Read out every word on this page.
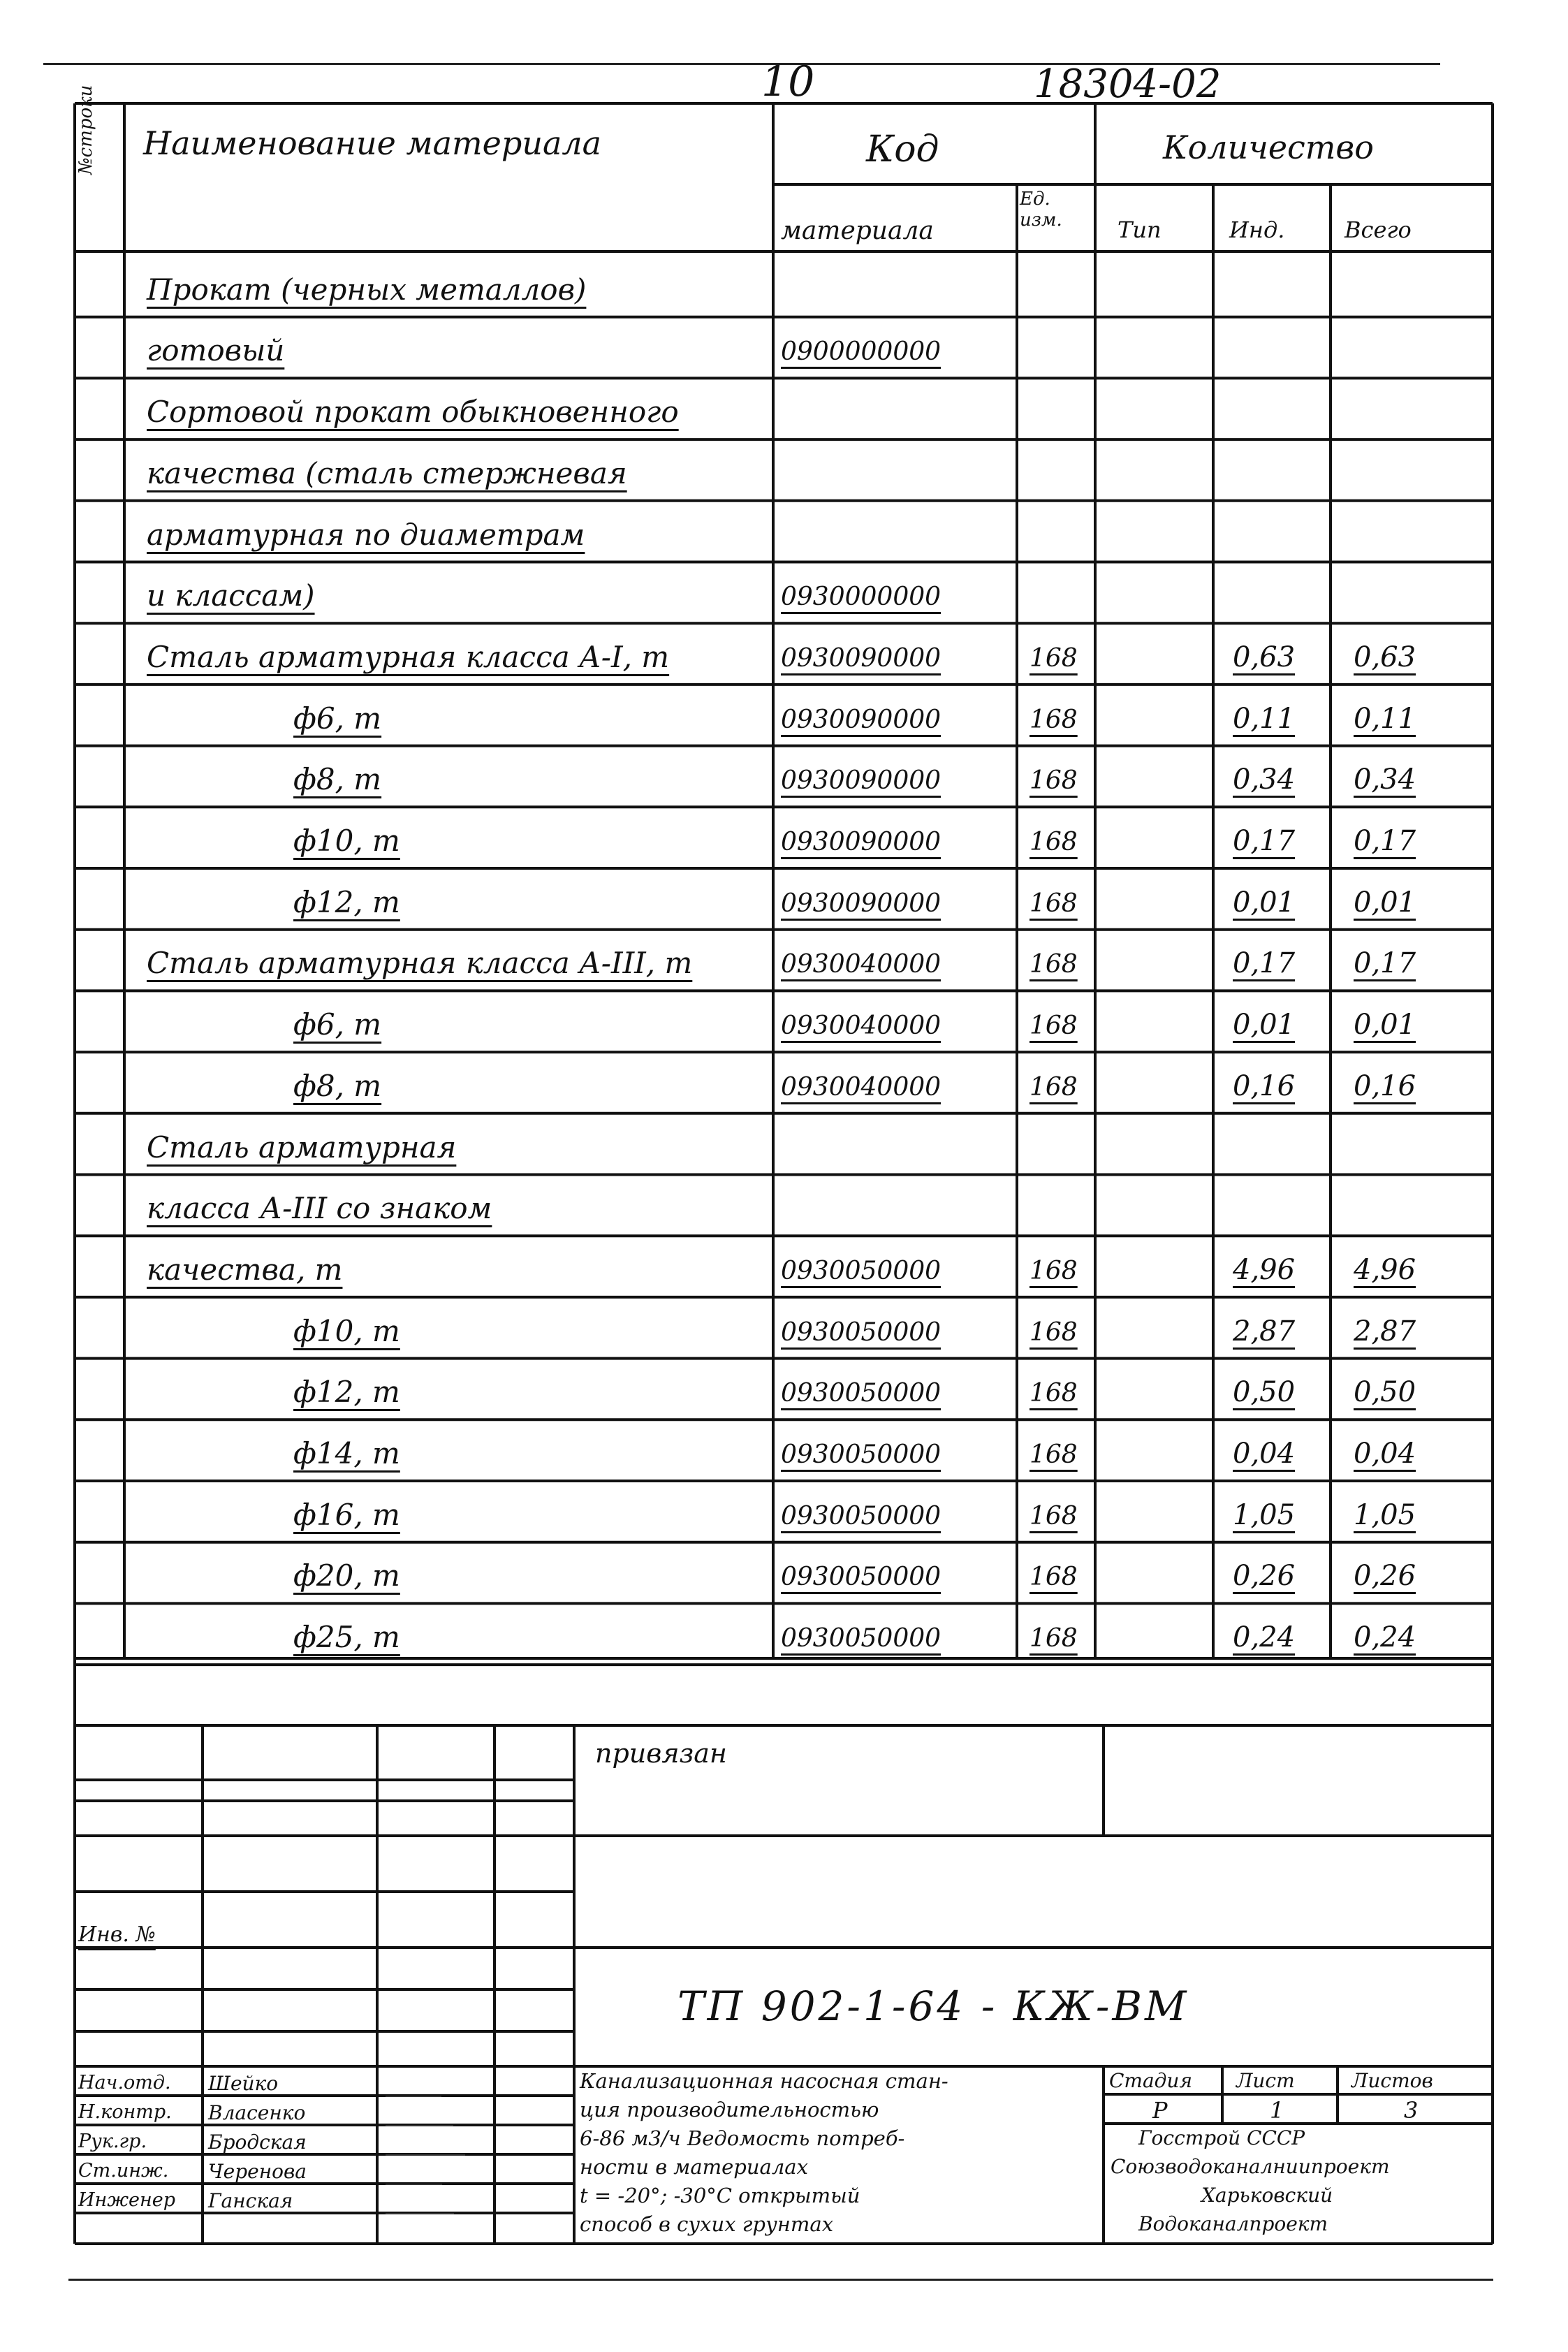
10	18304-02
№строки Наименование материала	Код	Количество
материала
Ед. изм.	Тип	Инд.	Всего
Прокат (черных металлов)
готовый	0900000000
Сортовой прокат обыкновенного
качества (сталь стержневая
арматурная по диаметрам
и классам)	0930000000
Сталь арматурная класса А-I, т	0930090000	168	0,63 0,63
ф6, т	0930090000	168	0,11 0,11
ф8, т	0930090000	168	0,34 0,34
ф10, т	0930090000	168	0,17 0,17
ф12, т	0930090000	168	0,01 0,01
Сталь арматурная класса А-III, т	0930040000	168	0,17 0,17
ф6, т	0930040000	168	0,01 0,01
ф8, т	0930040000	168	0,16 0,16
Сталь арматурная
класса А-III со знаком
качества, т	0930050000	168	4,96 4,96
ф10, т	0930050000	168	2,87 2,87
ф12, т	0930050000	168	0,50 0,50
ф14, т	0930050000	168	0,04 0,04
ф16, т	0930050000	168	1,05 1,05
ф20, т	0930050000	168	0,26 0,26
ф25, т	0930050000	168	0,24 0,24
привязан
Инв. №
ТП 902-1-64 - КЖ-ВМ
Канализационная насосная стан-
ция производительностью
6-86 м3/ч Ведомость потреб-
ности в материалах
t = -20°; -30°C открытый
способ в сухих грунтах
Стадия Лист	Листов
Р	1	3
Госстрой СССР
Союзводоканалниипроект
Харьковский
Водоканалпроект
Нач.отд. Шейко
Н.контр. Власенко
Рук.гр.	Бродская
Ст.инж. Черенова
Инженер Ганская
